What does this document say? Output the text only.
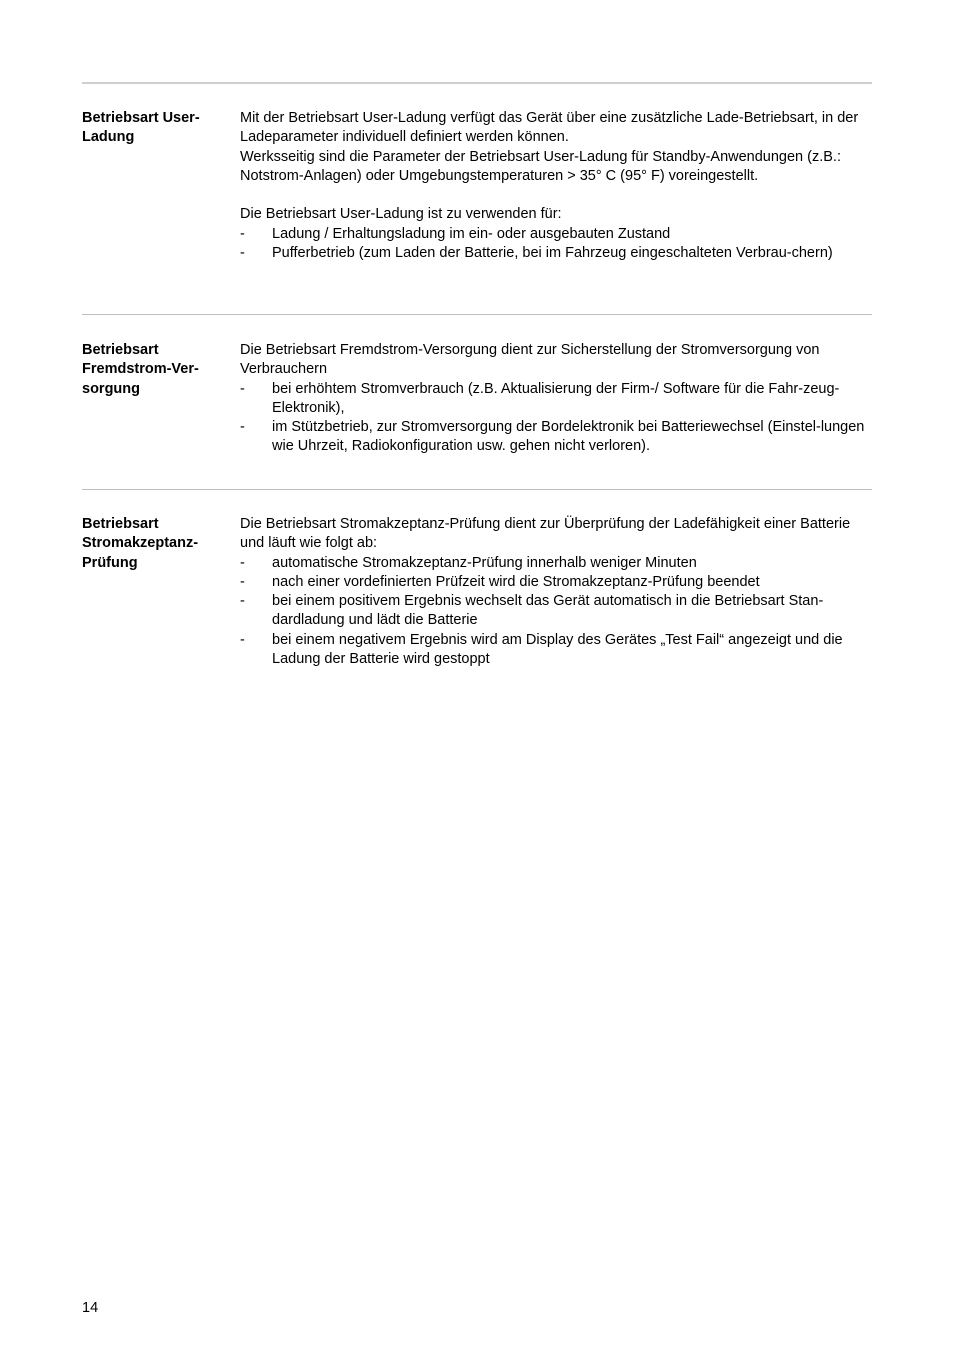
Betriebsart User-
Ladung

Mit der Betriebsart User-Ladung verfügt das Gerät über eine zusätzliche Lade-Betriebsart, in der Ladeparameter individuell definiert werden können.

Werksseitig sind die Parameter der Betriebsart User-Ladung für Standby-Anwendungen (z.B.: Notstrom-Anlagen) oder Umgebungstemperaturen > 35° C (95° F) voreingestellt.

Die Betriebsart User-Ladung ist zu verwenden für:

- Ladung / Erhaltungsladung im ein- oder ausgebauten Zustand
- Pufferbetrieb (zum Laden der Batterie, bei im Fahrzeug eingeschalteten Verbrau-chern)
Betriebsart
Fremdstrom-Ver-
sorgung

Die Betriebsart Fremdstrom-Versorgung dient zur Sicherstellung der Stromversorgung von Verbrauchern

- bei erhöhtem Stromverbrauch (z.B. Aktualisierung der Firm-/ Software für die Fahr-zeug-Elektronik),
- im Stützbetrieb, zur Stromversorgung der Bordelektronik bei Batteriewechsel (Einstel-lungen wie Uhrzeit, Radiokonfiguration usw. gehen nicht verloren).
Betriebsart
Stromakzeptanz-
Prüfung

Die Betriebsart Stromakzeptanz-Prüfung dient zur Überprüfung der Ladefähigkeit einer Batterie und läuft wie folgt ab:

- automatische Stromakzeptanz-Prüfung innerhalb weniger Minuten
- nach einer vordefinierten Prüfzeit wird die Stromakzeptanz-Prüfung beendet
- bei einem positivem Ergebnis wechselt das Gerät automatisch in die Betriebsart Stan-dardladung und lädt die Batterie
- bei einem negativem Ergebnis wird am Display des Gerätes „Test Fail“ angezeigt und die Ladung der Batterie wird gestoppt
14
